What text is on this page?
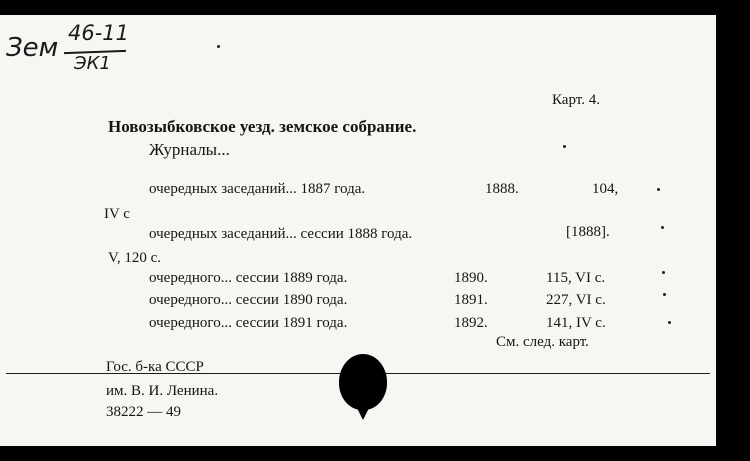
Зем 46-11
ЭК1
Карт. 4.
Новозыбковское уезд. земское собрание.
Журналы...
очередных заседаний... 1887 года.	1888.	104,
IV с
очередных заседаний... сессии 1888 года.	[1888].
V, 120 с.
очередного... сессии 1889 года.	1890.	115, VI с.
очередного... сессии 1890 года.	1891.	227, VI с.
очередного... сессии 1891 года.	1892.	141, IV с.
См. след. карт.
Гос. б-ка СССР
им. В. И. Ленина.
38222 — 49
